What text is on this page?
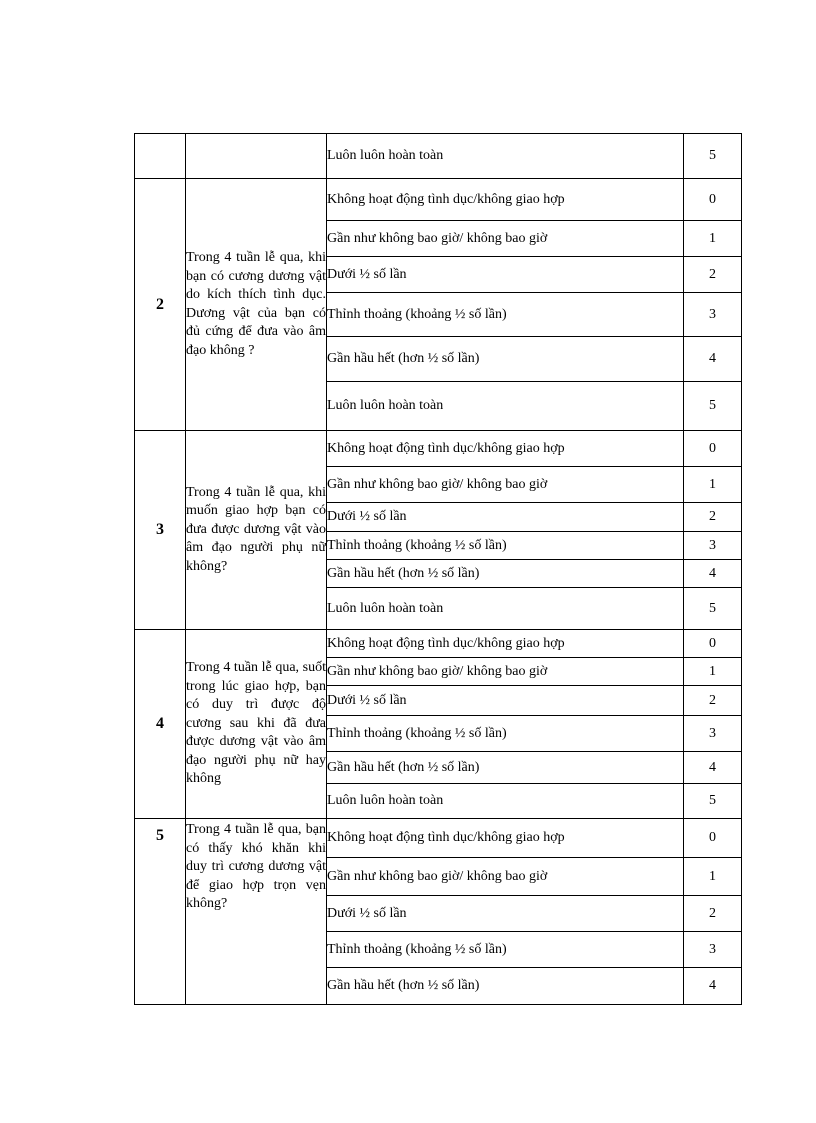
		Luôn luôn hoàn toàn	5
2	Trong 4 tuần lễ qua, khi bạn có cương dương vật do kích thích tình dục. Dương vật của bạn có đủ cứng để đưa vào âm đạo không ?	Không hoạt động tình dục/không giao hợp	0
		Gần như không bao giờ/ không bao giờ	1
		Dưới ½ số lần	2
		Thỉnh thoảng (khoảng ½ số lần)	3
		Gần hầu hết (hơn ½ số lần)	4
		Luôn luôn hoàn toàn	5
3	Trong 4 tuần lễ qua, khi muốn giao hợp bạn có đưa được dương vật vào âm đạo người phụ nữ không?	Không hoạt động tình dục/không giao hợp	0
		Gần như không bao giờ/ không bao giờ	1
		Dưới ½ số lần	2
		Thỉnh thoảng (khoảng ½ số lần)	3
		Gần hầu hết (hơn ½ số lần)	4
		Luôn luôn hoàn toàn	5
4	Trong 4 tuần lễ qua, suốt trong lúc giao hợp, bạn có duy trì được độ cương sau khi đã đưa được dương vật vào âm đạo người phụ nữ hay không	Không hoạt động tình dục/không giao hợp	0
		Gần như không bao giờ/ không bao giờ	1
		Dưới ½ số lần	2
		Thỉnh thoảng (khoảng ½ số lần)	3
		Gần hầu hết (hơn ½ số lần)	4
		Luôn luôn hoàn toàn	5
5	Trong 4 tuần lễ qua, bạn có thấy khó khăn khi duy trì cương dương vật để giao hợp trọn vẹn không?	Không hoạt động tình dục/không giao hợp	0
		Gần như không bao giờ/ không bao giờ	1
		Dưới ½ số lần	2
		Thỉnh thoảng (khoảng ½ số lần)	3
		Gần hầu hết (hơn ½ số lần)	4
